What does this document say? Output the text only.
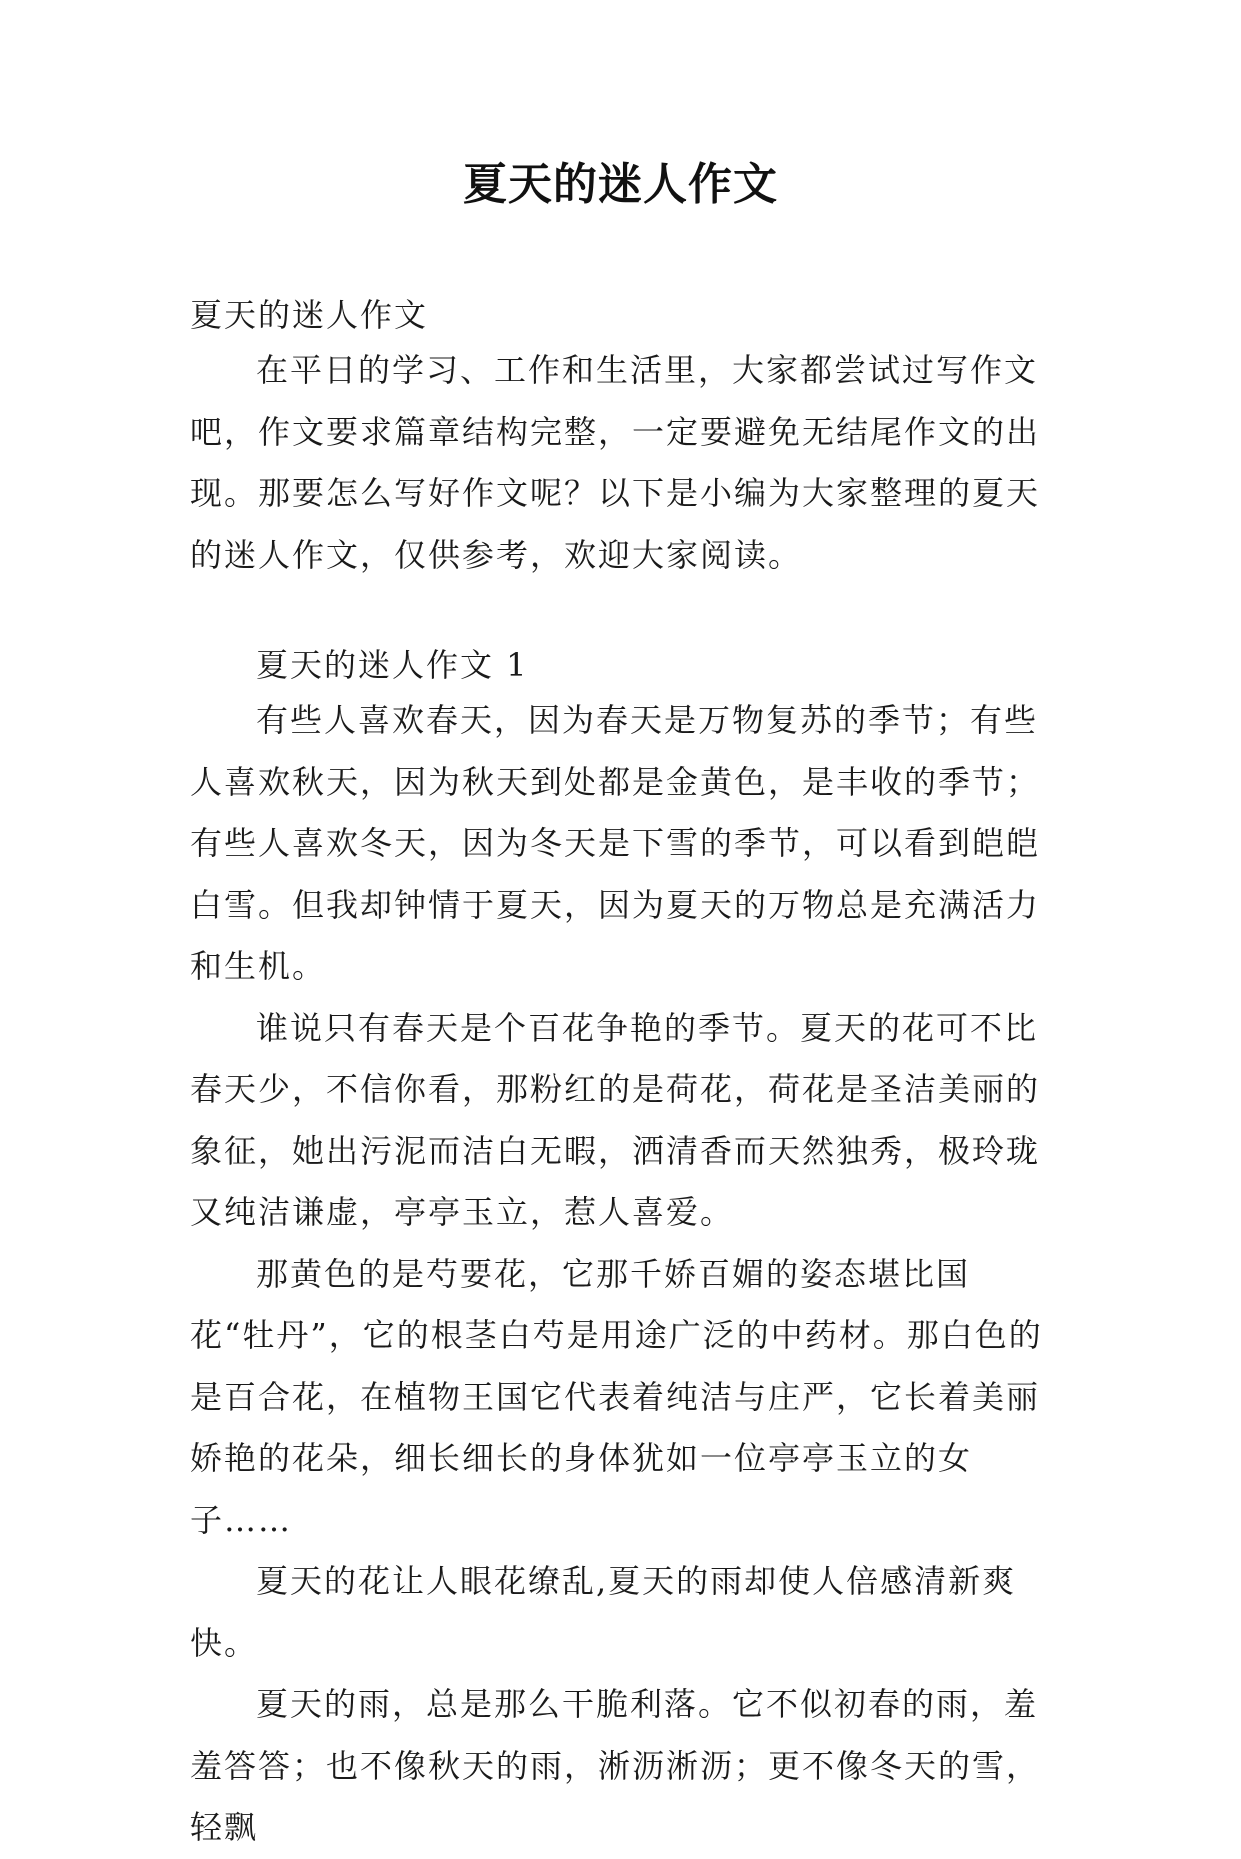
夏天的迷人作文
夏天的迷人作文

在平日的学习、工作和生活里，大家都尝试过写作文吧，作文要求篇章结构完整，一定要避免无结尾作文的出现。那要怎么写好作文呢？以下是小编为大家整理的夏天的迷人作文，仅供参考，欢迎大家阅读。

夏天的迷人作文 1

有些人喜欢春天，因为春天是万物复苏的季节；有些人喜欢秋天，因为秋天到处都是金黄色，是丰收的季节；有些人喜欢冬天，因为冬天是下雪的季节，可以看到皑皑白雪。但我却钟情于夏天，因为夏天的万物总是充满活力和生机。

谁说只有春天是个百花争艳的季节。夏天的花可不比春天少，不信你看，那粉红的是荷花，荷花是圣洁美丽的象征，她出污泥而洁白无暇，洒清香而天然独秀，极玲珑又纯洁谦虚，亭亭玉立，惹人喜爱。

那黄色的是芍要花，它那千娇百媚的姿态堪比国花“牡丹”，它的根茎白芍是用途广泛的中药材。那白色的是百合花，在植物王国它代表着纯洁与庄严，它长着美丽娇艳的花朵，细长细长的身体犹如一位亭亭玉立的女子……

夏天的花让人眼花缭乱,夏天的雨却使人倍感清新爽快。

夏天的雨，总是那么干脆利落。它不似初春的雨，羞羞答答；也不像秋天的雨，淅沥淅沥；更不像冬天的雪，轻飘
